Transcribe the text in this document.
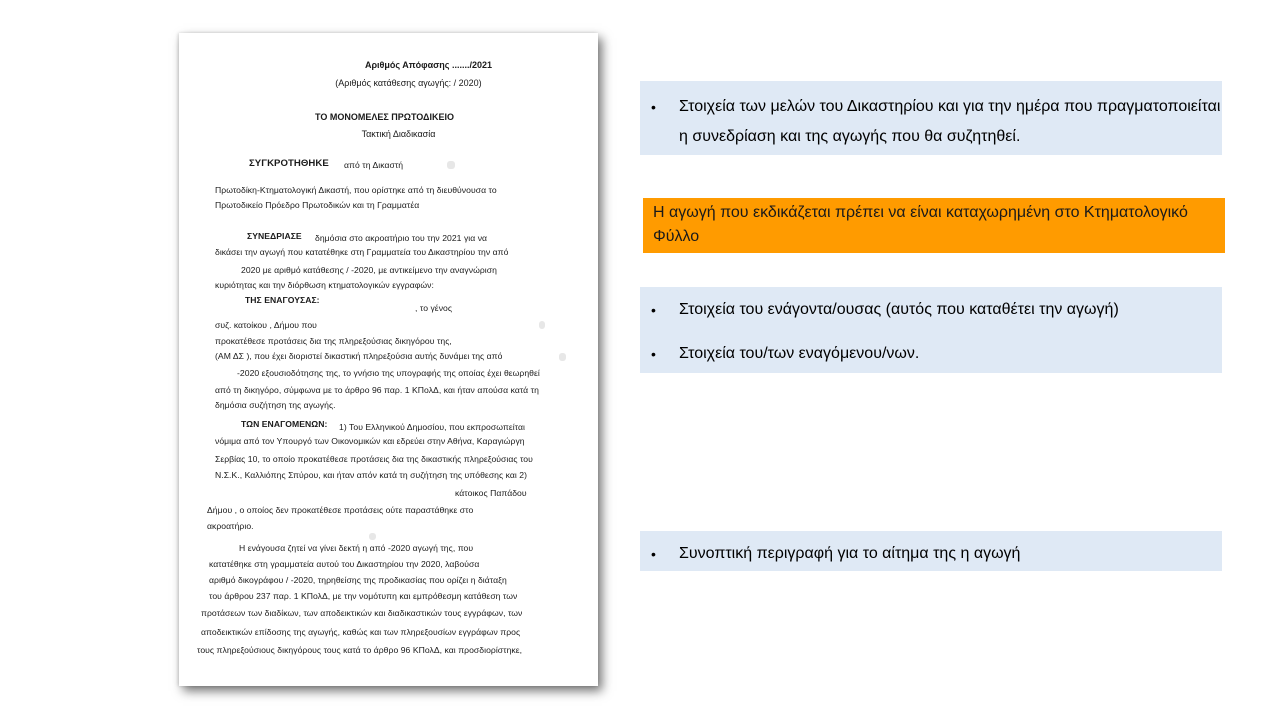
Αριθμός Απόφασης ......./2021
(Αριθμός κατάθεσης αγωγής: / 2020)
ΤΟ ΜΟΝΟΜΕΛΕΣ ΠΡΩΤΟΔΙΚΕΙΟ
Τακτική Διαδικασία
ΣΥΓΚΡΟΤΗΘΗΚΕ από τη Δικαστή
Πρωτοδίκη-Κτηματολογική Δικαστή, που ορίστηκε από τη διευθύνουσα το
Πρωτοδικείο Πρόεδρο Πρωτοδικών και τη Γραμματέα
ΣΥΝΕΔΡΙΑΣΕ δημόσια στο ακροατήριο του την 2021 για να
δικάσει την αγωγή που κατατέθηκε στη Γραμματεία του Δικαστηρίου την από
2020 με αριθμό κατάθεσης / -2020, με αντικείμενο την αναγνώριση
κυριότητας και την διόρθωση κτηματολογικών εγγραφών:
ΤΗΣ ΕΝΑΓΟΥΣΑΣ:
, το γένος
συζ. κατοίκου , Δήμου που
προκατέθεσε προτάσεις δια της πληρεξούσιας δικηγόρου της,
(ΑΜ ΔΣ ), που έχει διοριστεί δικαστική πληρεξούσια αυτής δυνάμει της από
-2020 εξουσιοδότησης της, το γνήσιο της υπογραφής της οποίας έχει θεωρηθεί
από τη δικηγόρο, σύμφωνα με το άρθρο 96 παρ. 1 ΚΠολΔ, και ήταν απούσα κατά τη
δημόσια συζήτηση της αγωγής.
ΤΩΝ ΕΝΑΓΟΜΕΝΩΝ: 1) Του Ελληνικού Δημοσίου, που εκπροσωπείται
νόμιμα από τον Υπουργό των Οικονομικών και εδρεύει στην Αθήνα, Καραγιώργη
Σερβίας 10, το οποίο προκατέθεσε προτάσεις δια της δικαστικής πληρεξούσιας του
Ν.Σ.Κ., Καλλιόπης Σπύρου, και ήταν απόν κατά τη συζήτηση της υπόθεσης και 2)
κάτοικος Παπάδου
Δήμου , ο οποίος δεν προκατέθεσε προτάσεις ούτε παραστάθηκε στο
ακροατήριο.
Η ενάγουσα ζητεί να γίνει δεκτή η από -2020 αγωγή της, που
κατατέθηκε στη γραμματεία αυτού του Δικαστηρίου την 2020, λαβούσα
αριθμό δικογράφου / -2020, τηρηθείσης της προδικασίας που ορίζει η διάταξη
του άρθρου 237 παρ. 1 ΚΠολΔ, με την νομότυπη και εμπρόθεσμη κατάθεση των
προτάσεων των διαδίκων, των αποδεικτικών και διαδικαστικών τους εγγράφων, των
αποδεικτικών επίδοσης της αγωγής, καθώς και των πληρεξουσίων εγγράφων προς
τους πληρεξούσιους δικηγόρους τους κατά το άρθρο 96 ΚΠολΔ, και προσδιορίστηκε,
• Στοιχεία των μελών του Δικαστηρίου και για την ημέρα που πραγματοποιείται η συνεδρίαση και της αγωγής που θα συζητηθεί.
Η αγωγή που εκδικάζεται πρέπει να είναι καταχωρημένη στο Κτηματολογικό Φύλλο
• Στοιχεία του ενάγοντα/ουσας (αυτός που καταθέτει την αγωγή)
• Στοιχεία του/των εναγόμενου/νων.
• Συνοπτική περιγραφή για το αίτημα της η αγωγή
